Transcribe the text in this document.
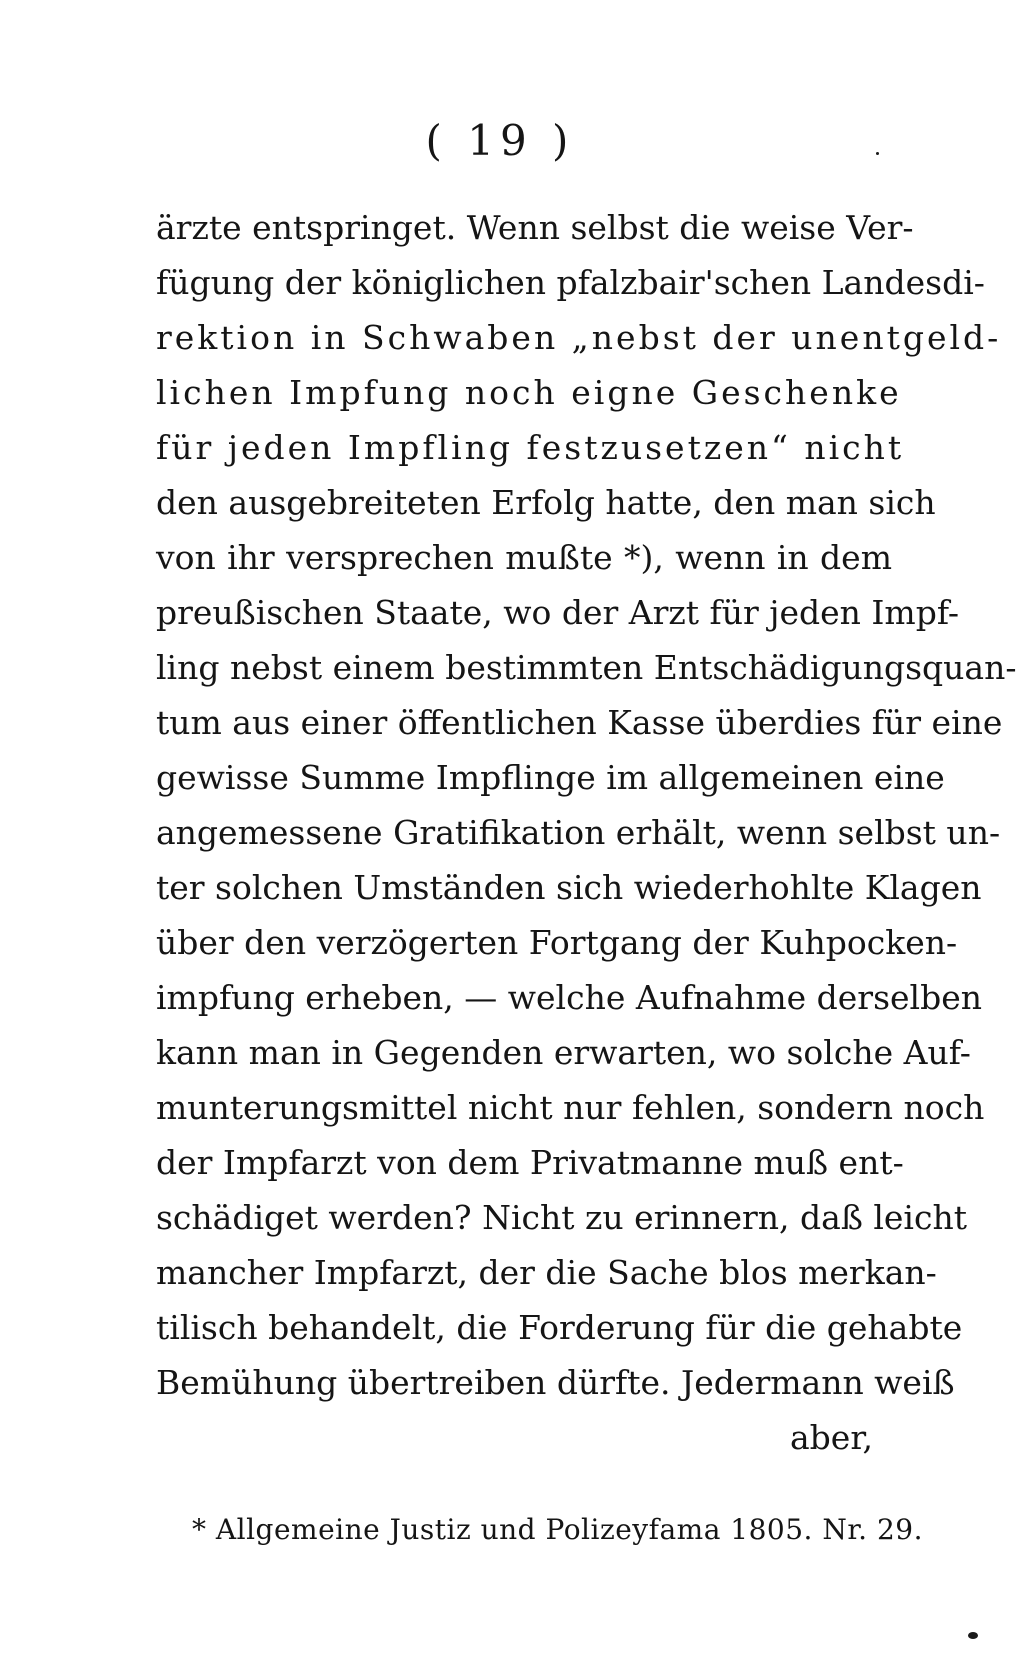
( 19 )
ärzte entspringet. Wenn selbst die weise Ver-
fügung der königlichen pfalzbair'schen Landesdi-
rektion in Schwaben „nebst der unentgeld-
lichen Impfung noch eigne Geschenke
für jeden Impfling festzusetzen“ nicht
den ausgebreiteten Erfolg hatte, den man sich
von ihr versprechen mußte *), wenn in dem
preußischen Staate, wo der Arzt für jeden Impf-
ling nebst einem bestimmten Entschädigungsquan-
tum aus einer öffentlichen Kasse überdies für eine
gewisse Summe Impflinge im allgemeinen eine
angemessene Gratifikation erhält, wenn selbst un-
ter solchen Umständen sich wiederhohlte Klagen
über den verzögerten Fortgang der Kuhpocken-
impfung erheben, — welche Aufnahme derselben
kann man in Gegenden erwarten, wo solche Auf-
munterungsmittel nicht nur fehlen, sondern noch
der Impfarzt von dem Privatmanne muß ent-
schädiget werden? Nicht zu erinnern, daß leicht
mancher Impfarzt, der die Sache blos merkan-
tilisch behandelt, die Forderung für die gehabte
Bemühung übertreiben dürfte. Jedermann weiß
aber,
* Allgemeine Justiz und Polizeyfama 1805. Nr. 29.
